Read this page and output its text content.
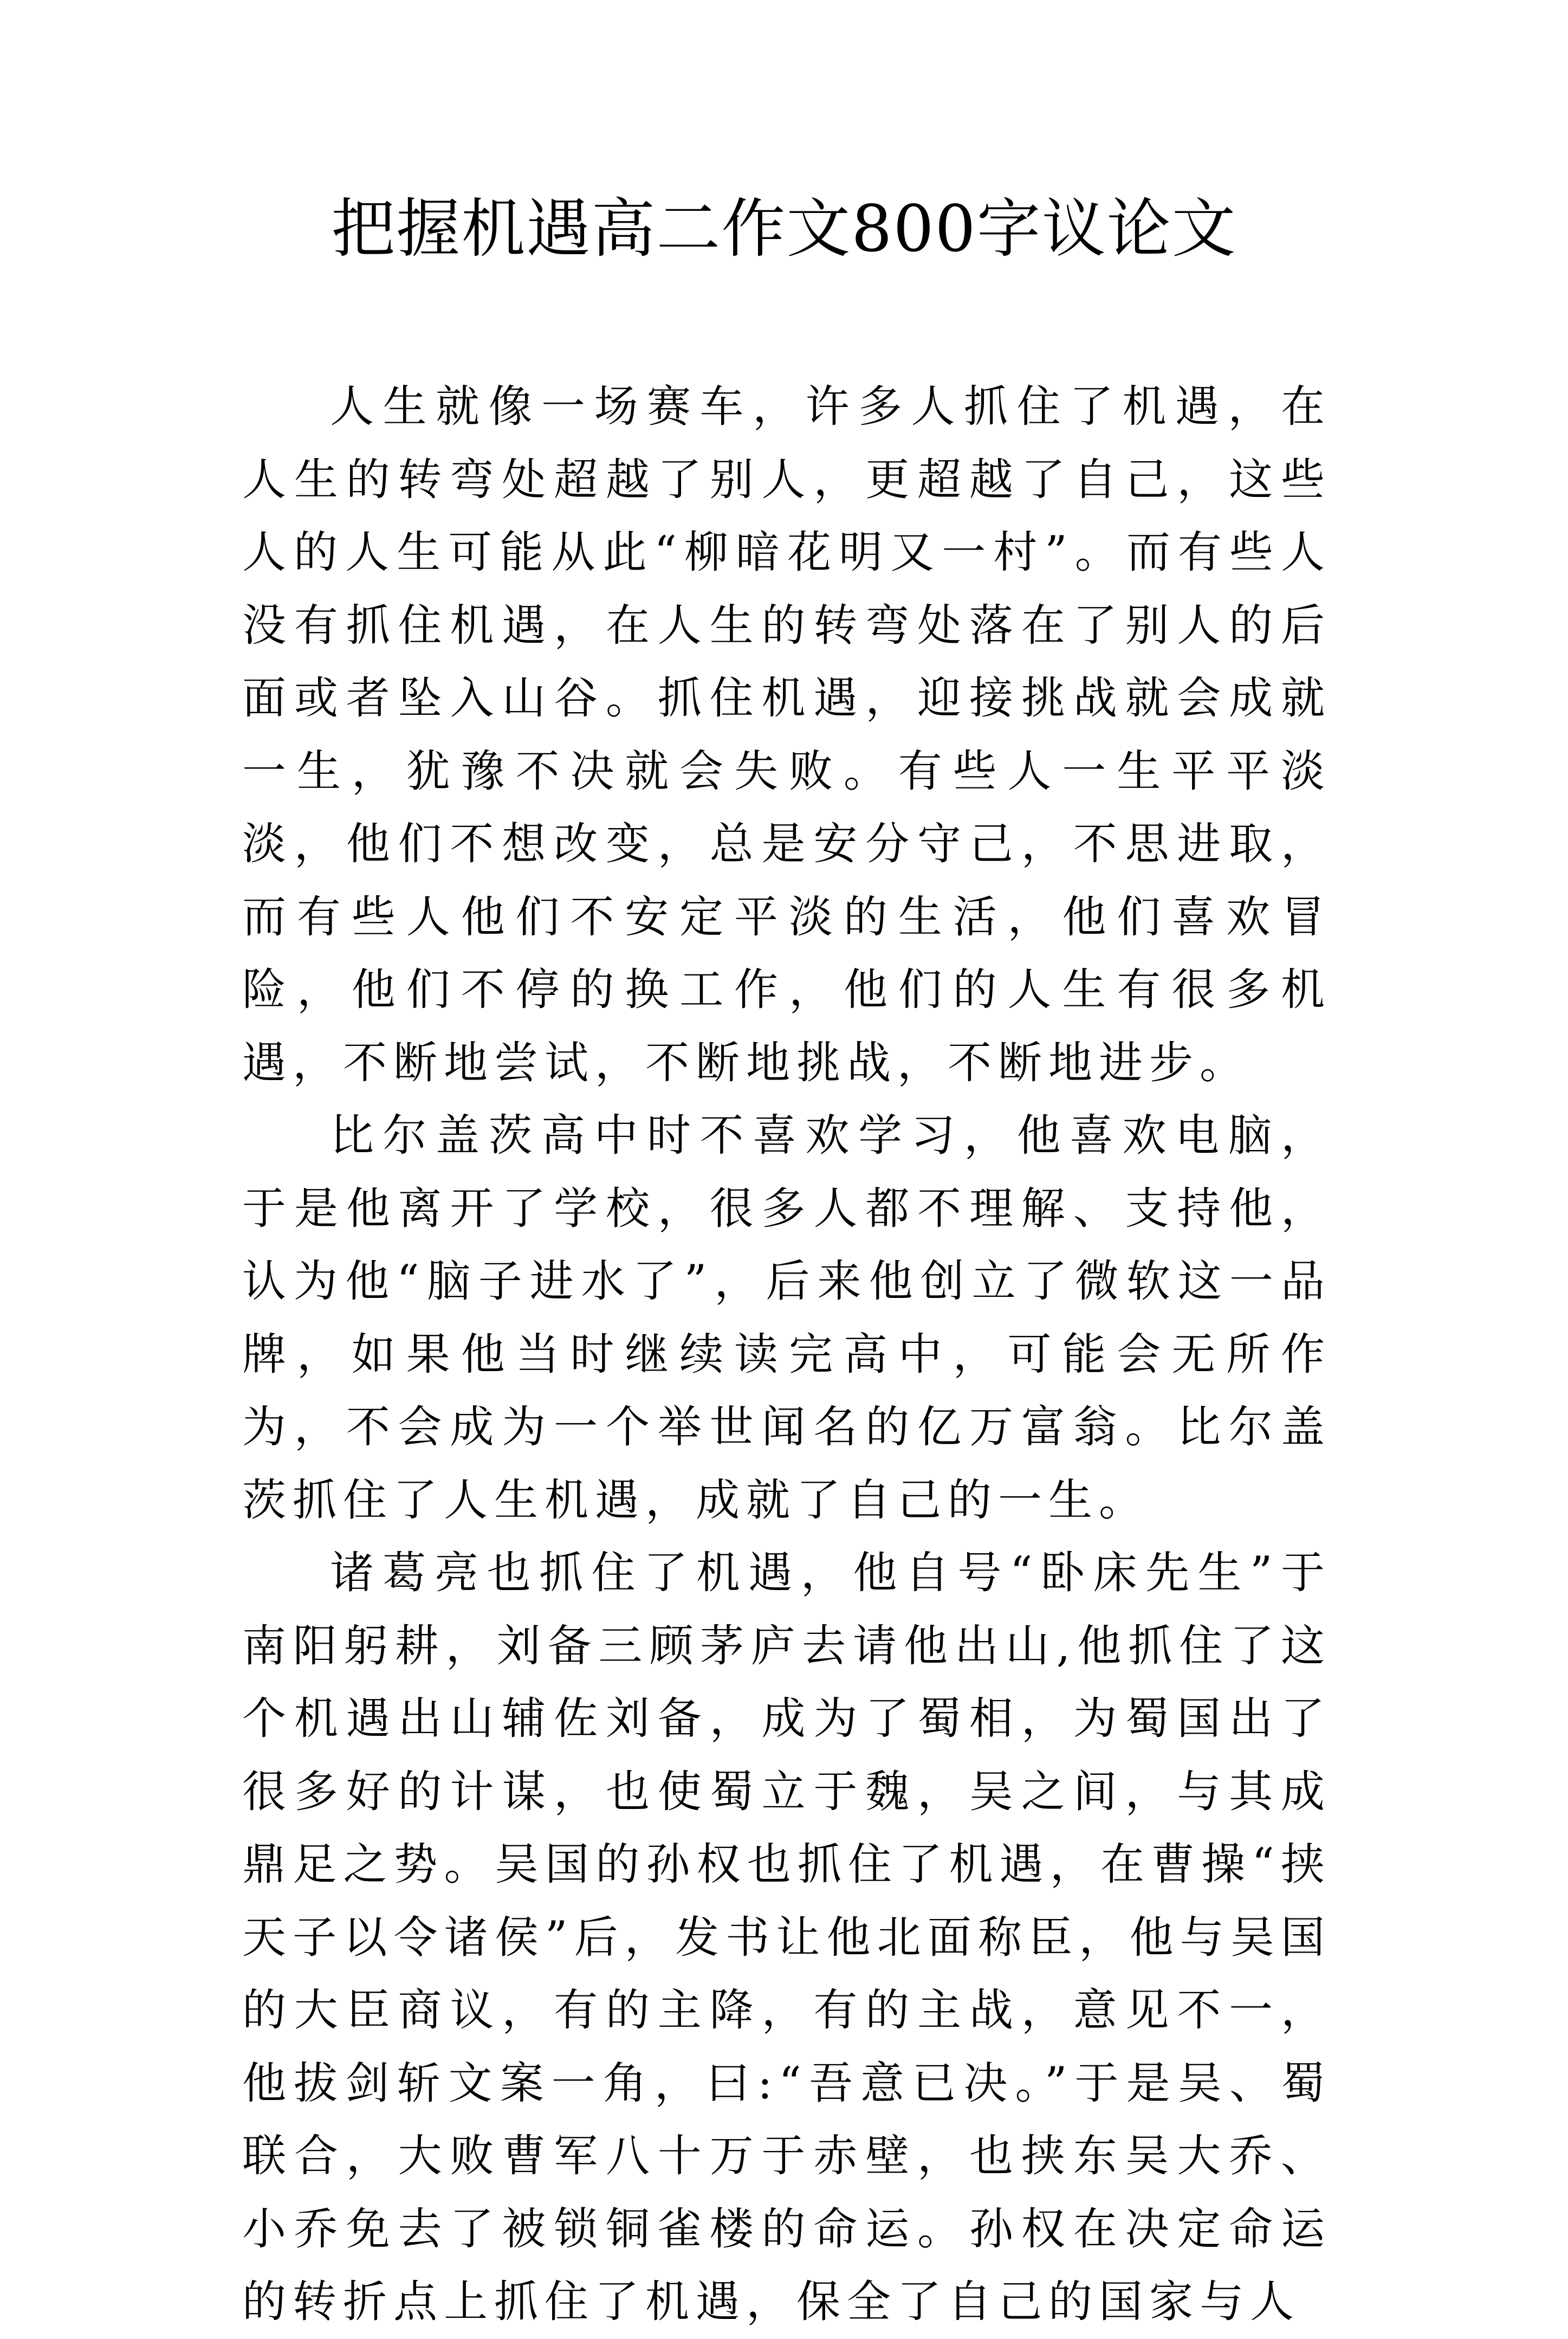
把握机遇高二作文800字议论文

人生就像一场赛车，许多人抓住了机遇，在人生的转弯处超越了别人，更超越了自己，这些人的人生可能从此“柳暗花明又一村”。而有些人没有抓住机遇，在人生的转弯处落在了别人的后面或者坠入山谷。抓住机遇，迎接挑战就会成就一生，犹豫不决就会失败。有些人一生平平淡淡，他们不想改变，总是安分守己，不思进取，而有些人他们不安定平淡的生活，他们喜欢冒险，他们不停的换工作，他们的人生有很多机遇，不断地尝试，不断地挑战，不断地进步。

比尔盖茨高中时不喜欢学习，他喜欢电脑，于是他离开了学校，很多人都不理解、支持他，认为他“脑子进水了”，后来他创立了微软这一品牌，如果他当时继续读完高中，可能会无所作为，不会成为一个举世闻名的亿万富翁。比尔盖茨抓住了人生机遇，成就了自己的一生。

诸葛亮也抓住了机遇，他自号“卧床先生”于南阳躬耕，刘备三顾茅庐去请他出山,他抓住了这个机遇出山辅佐刘备，成为了蜀相，为蜀国出了很多好的计谋，也使蜀立于魏，吴之间，与其成鼎足之势。吴国的孙权也抓住了机遇，在曹操“挟天子以令诸侯”后，发书让他北面称臣，他与吴国的大臣商议，有的主降，有的主战，意见不一，他拔剑斩文案一角，曰:“吾意已决。”于是吴、蜀联合，大败曹军八十万于赤壁，也挟东吴大乔、小乔免去了被锁铜雀楼的命运。孙权在决定命运的转折点上抓住了机遇，保全了自己的国家与人
